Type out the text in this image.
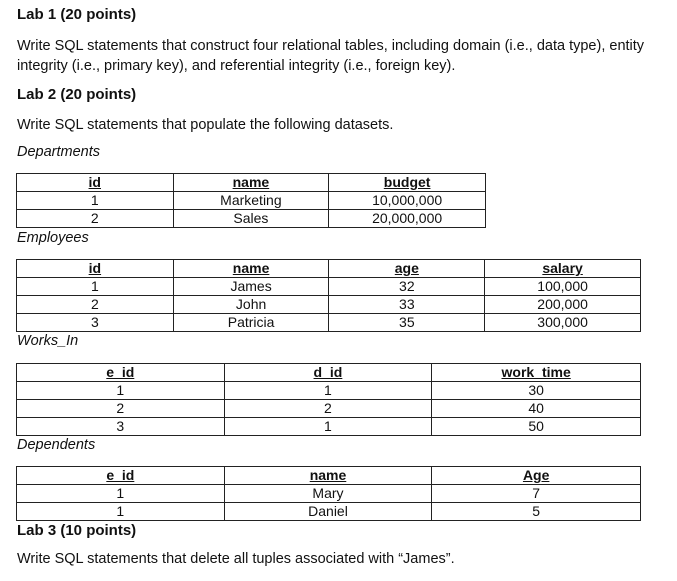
Lab 1 (20 points)
Write SQL statements that construct four relational tables, including domain (i.e., data type), entity integrity (i.e., primary key), and referential integrity (i.e., foreign key).
Lab 2 (20 points)
Write SQL statements that populate the following datasets.
Departments
id	name	budget
1	Marketing	10,000,000
2	Sales	20,000,000
Employees
id	name	age	salary
1	James	32	100,000
2	John	33	200,000
3	Patricia	35	300,000
Works_In
e_id	d_id	work_time
1	1	30
2	2	40
3	1	50
Dependents
e_id	name	Age
1	Mary	7
1	Daniel	5
Lab 3 (10 points)
Write SQL statements that delete all tuples associated with “James”.
